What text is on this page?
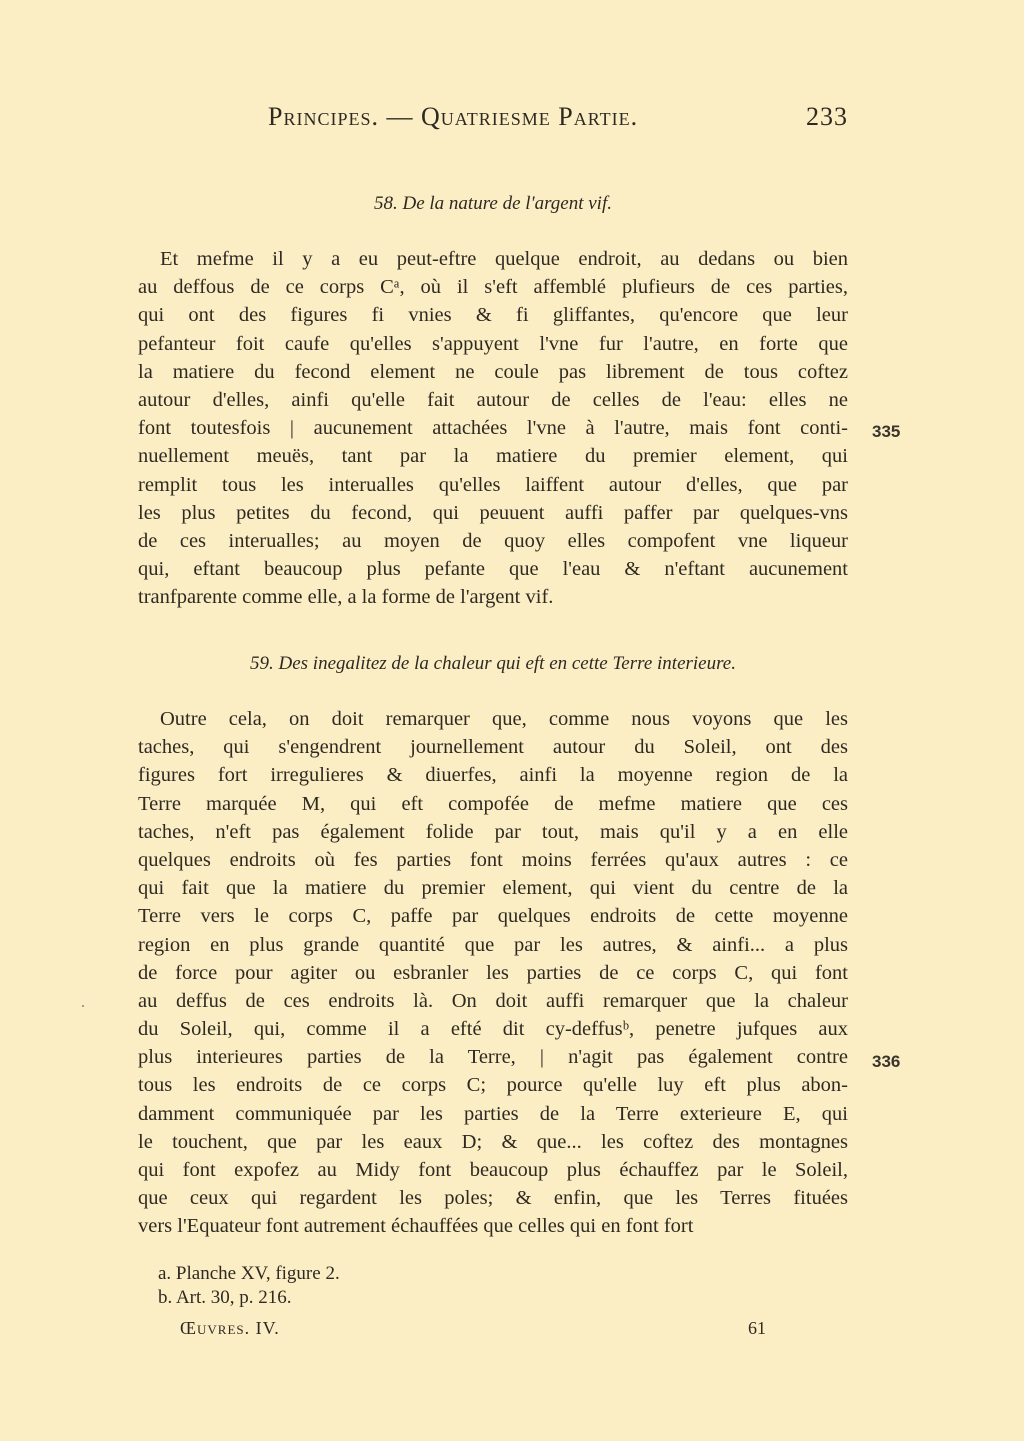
Principes. — Quatriesme Partie.	233
58. De la nature de l'argent vif.
Et mefme il y a eu peut-eftre quelque endroit, au dedans ou bien
au deffous de ce corps Cᵃ, où il s'eft affemblé plufieurs de ces parties,
qui ont des figures fi vnies & fi gliffantes, qu'encore que leur
pefanteur foit caufe qu'elles s'appuyent l'vne fur l'autre, en forte que
la matiere du fecond element ne coule pas librement de tous coftez
autour d'elles, ainfi qu'elle fait autour de celles de l'eau: elles ne
font toutesfois | aucunement attachées l'vne à l'autre, mais font conti-
nuellement meuës, tant par la matiere du premier element, qui
remplit tous les interualles qu'elles laiffent autour d'elles, que par
les plus petites du fecond, qui peuuent auffi paffer par quelques-vns
de ces interualles; au moyen de quoy elles compofent vne liqueur
qui, eftant beaucoup plus pefante que l'eau & n'eftant aucunement
tranfparente comme elle, a la forme de l'argent vif.
335
59. Des inegalitez de la chaleur qui eft en cette Terre interieure.
Outre cela, on doit remarquer que, comme nous voyons que les
taches, qui s'engendrent journellement autour du Soleil, ont des
figures fort irregulieres & diuerfes, ainfi la moyenne region de la
Terre marquée M, qui eft compofée de mefme matiere que ces
taches, n'eft pas également folide par tout, mais qu'il y a en elle
quelques endroits où fes parties font moins ferrées qu'aux autres : ce
qui fait que la matiere du premier element, qui vient du centre de la
Terre vers le corps C, paffe par quelques endroits de cette moyenne
region en plus grande quantité que par les autres, & ainfi... a plus
de force pour agiter ou esbranler les parties de ce corps C, qui font
au deffus de ces endroits là. On doit auffi remarquer que la chaleur
du Soleil, qui, comme il a efté dit cy-deffusᵇ, penetre jufques aux
plus interieures parties de la Terre, | n'agit pas également contre
tous les endroits de ce corps C; pource qu'elle luy eft plus abon-
damment communiquée par les parties de la Terre exterieure E, qui
le touchent, que par les eaux D; & que... les coftez des montagnes
qui font expofez au Midy font beaucoup plus échauffez par le Soleil,
que ceux qui regardent les poles; & enfin, que les Terres fituées
vers l'Equateur font autrement échauffées que celles qui en font fort
336
a. Planche XV, figure 2.
b. Art. 30, p. 216.
Œuvres. IV.	61
